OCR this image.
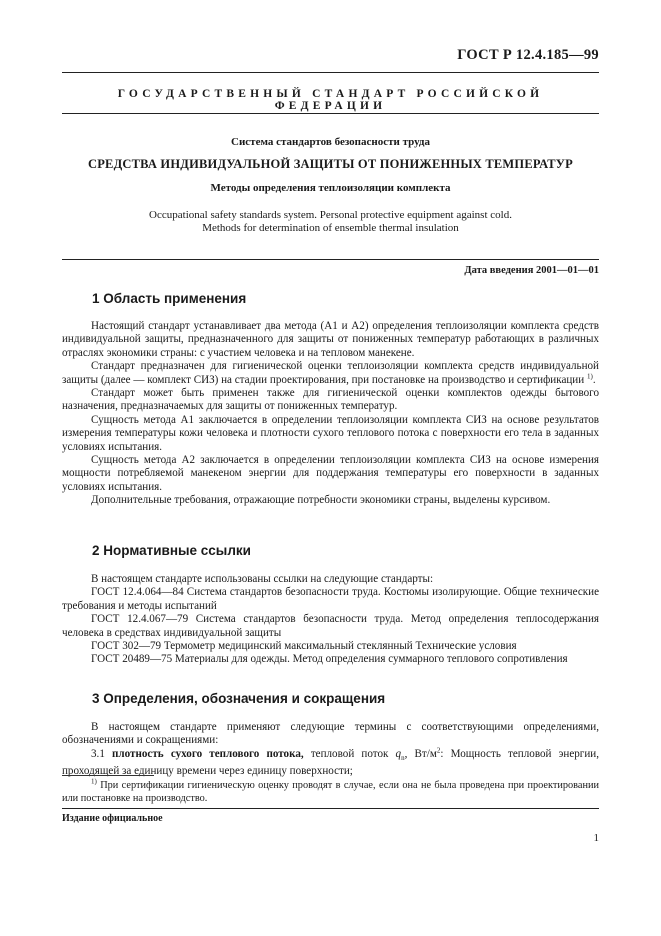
ГОСТ Р 12.4.185—99
ГОСУДАРСТВЕННЫЙ СТАНДАРТ РОССИЙСКОЙ ФЕДЕРАЦИИ
Система стандартов безопасности труда
СРЕДСТВА ИНДИВИДУАЛЬНОЙ ЗАЩИТЫ ОТ ПОНИЖЕННЫХ ТЕМПЕРАТУР
Методы определения теплоизоляции комплекта
Occupational safety standards system. Personal protective equipment against cold.
Methods for determination of ensemble thermal insulation
Дата введения 2001—01—01
1 Область применения

Настоящий стандарт устанавливает два метода (А1 и А2) определения теплоизоляции комплекта средств индивидуальной защиты, предназначенного для защиты от пониженных температур работающих в различных отраслях экономики страны: с участием человека и на тепловом манекене.

Стандарт предназначен для гигиенической оценки теплоизоляции комплекта средств индивидуальной защиты (далее — комплект СИЗ) на стадии проектирования, при постановке на производство и сертификации $^{1)}$.

Стандарт может быть применен также для гигиенической оценки комплектов одежды бытового назначения, предназначаемых для защиты от пониженных температур.

Сущность метода А1 заключается в определении теплоизоляции комплекта СИЗ на основе результатов измерения температуры кожи человека и плотности сухого теплового потока с поверхности его тела в заданных условиях испытания.

Сущность метода А2 заключается в определении теплоизоляции комплекта СИЗ на основе измерения мощности потребляемой манекеном энергии для поддержания температуры его поверхности в заданных условиях испытания.

Дополнительные требования, отражающие потребности экономики страны, выделены курсивом.

2 Нормативные ссылки

В настоящем стандарте использованы ссылки на следующие стандарты:

ГОСТ 12.4.064—84 Система стандартов безопасности труда. Костюмы изолирующие. Общие технические требования и методы испытаний

ГОСТ 12.4.067—79 Система стандартов безопасности труда. Метод определения теплосодержания человека в средствах индивидуальной защиты

ГОСТ 302—79 Термометр медицинский максимальный стеклянный Технические условия

ГОСТ 20489—75 Материалы для одежды. Метод определения суммарного теплового сопротивления

3 Определения, обозначения и сокращения

В настоящем стандарте применяют следующие термины с соответствующими определениями, обозначениями и сокращениями:

3.1 плотность сухого теплового потока, тепловой поток $q_n$, $Вт/м^2$: Мощность тепловой энергии, проходящей за единицу времени через единицу поверхности;

$^{1)}$ При сертификации гигиеническую оценку проводят в случае, если она не была проведена при проектировании или постановке на производство.
Издание официальное
1
